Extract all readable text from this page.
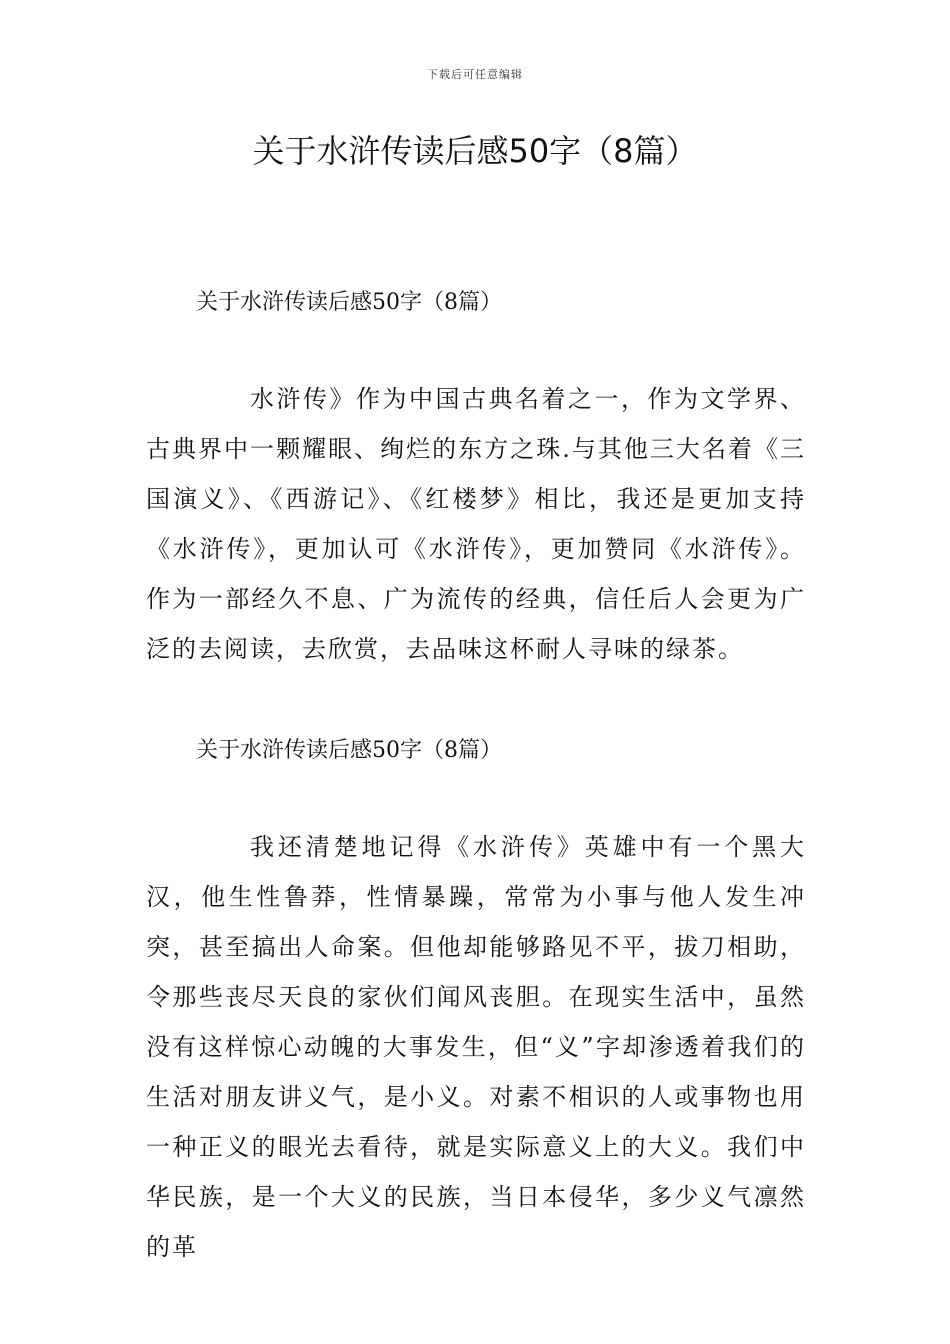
下载后可任意编辑
关于水浒传读后感50字（8篇）
关于水浒传读后感50字（8篇）
水浒传》作为中国古典名着之一，作为文学界、古典界中一颗耀眼、绚烂的东方之珠.与其他三大名着《三国演义》、《西游记》、《红楼梦》相比，我还是更加支持《水浒传》，更加认可《水浒传》，更加赞同《水浒传》。作为一部经久不息、广为流传的经典，信任后人会更为广泛的去阅读，去欣赏，去品味这杯耐人寻味的绿茶。
关于水浒传读后感50字（8篇）
我还清楚地记得《水浒传》英雄中有一个黑大汉，他生性鲁莽，性情暴躁，常常为小事与他人发生冲突，甚至搞出人命案。但他却能够路见不平，拔刀相助，令那些丧尽天良的家伙们闻风丧胆。在现实生活中，虽然没有这样惊心动魄的大事发生，但“义”字却渗透着我们的生活对朋友讲义气，是小义。对素不相识的人或事物也用一种正义的眼光去看待，就是实际意义上的大义。我们中华民族，是一个大义的民族，当日本侵华，多少义气凛然的革
